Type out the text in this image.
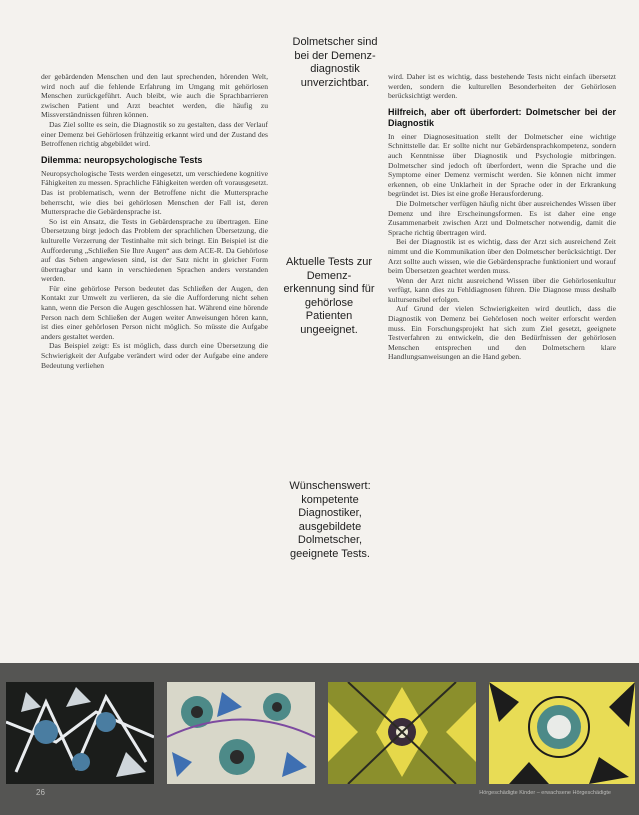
der gebärdenden Menschen und den laut sprechenden, hörenden Welt, wird noch auf die fehlende Erfahrung im Umgang mit gehörlosen Menschen zurückgeführt. Auch bleibt, wie auch die Sprachbarrieren zwischen Patient und Arzt beachtet werden, die häufig zu Missverständnissen führen können.

Das Ziel sollte es sein, die Diagnostik so zu gestalten, dass der Verlauf einer Demenz bei Gehörlosen frühzeitig erkannt wird und der Zustand des Betroffenen richtig abgebildet wird.

Dilemma: neuropsychologische Tests

Neuropsychologische Tests werden eingesetzt, um verschiedene kognitive Fähigkeiten zu messen. Sprachliche Fähigkeiten werden oft vorausgesetzt. Das ist problematisch, wenn der Betroffene nicht die Muttersprache beherrscht, wie dies bei gehörlosen Menschen der Fall ist, deren Muttersprache die Gebärdensprache ist.

So ist ein Ansatz, die Tests in Gebärdensprache zu übertragen. Eine Übersetzung birgt jedoch das Problem der sprachlichen Übersetzung, die kulturelle Verzerrung der Testinhalte mit sich bringt. Ein Beispiel ist die Aufforderung „Schließen Sie Ihre Augen“ aus dem ACE-R. Da Gehörlose auf das Sehen angewiesen sind, ist der Satz nicht in gleicher Form übertragbar und kann in verschiedenen Sprachen anders verstanden werden.

Für eine gehörlose Person bedeutet das Schließen der Augen, den Kontakt zur Umwelt zu verlieren, da sie die Aufforderung nicht sehen kann, wenn die Person die Augen geschlossen hat. Während eine hörende Person nach dem Schließen der Augen weiter Anweisungen hören kann, ist dies einer gehörlosen Person nicht möglich. So müsste die Aufgabe anders gestaltet werden.

Das Beispiel zeigt: Es ist möglich, dass durch eine Übersetzung die Schwierigkeit der Aufgabe verändert wird oder der Aufgabe eine andere Bedeutung verliehen

Dolmetscher sind bei der Demenz-diagnostik unverzichtbar.
Aktuelle Tests zur Demenz-erkennung sind für gehörlose Patienten ungeeignet.
Wünschenswert: kompetente Diagnostiker, ausgebildete Dolmetscher, geeignete Tests.

wird. Daher ist es wichtig, dass bestehende Tests nicht einfach übersetzt werden, sondern die kulturellen Besonderheiten der Gehörlosen berücksichtigt werden.

Hilfreich, aber oft überfordert: Dolmetscher bei der Diagnostik

In einer Diagnosesituation stellt der Dolmetscher eine wichtige Schnittstelle dar. Er sollte nicht nur Gebärdensprachkompetenz, sondern auch Kenntnisse über Diagnostik und Psychologie mitbringen. Dolmetscher sind jedoch oft überfordert, wenn die Sprache und die Symptome einer Demenz vermischt werden. Sie können nicht immer erkennen, ob eine Unklarheit in der Sprache oder in der Erkrankung begründet ist. Dies ist eine große Herausforderung.

Die Dolmetscher verfügen häufig nicht über ausreichendes Wissen über Demenz und ihre Erscheinungsformen. Es ist daher eine enge Zusammenarbeit zwischen Arzt und Dolmetscher notwendig, damit die Sprache richtig übertragen wird.

Bei der Diagnostik ist es wichtig, dass der Arzt sich ausreichend Zeit nimmt und die Kommunikation über den Dolmetscher berücksichtigt. Der Arzt sollte auch wissen, wie die Gebärdensprache funktioniert und worauf beim Übersetzen geachtet werden muss.

Wenn der Arzt nicht ausreichend Wissen über die Gehörlosenkultur verfügt, kann dies zu Fehldiagnosen führen. Die Diagnose muss deshalb kultursensibel erfolgen.

Auf Grund der vielen Schwierigkeiten wird deutlich, dass die Diagnostik von Demenz bei Gehörlosen noch weiter erforscht werden muss. Ein Forschungsprojekt hat sich zum Ziel gesetzt, geeignete Testverfahren zu entwickeln, die den Bedürfnissen der gehörlosen Menschen entsprechen und den Dolmetschern klare Handlungsanweisungen an die Hand geben.

26	Hörgeschädigte Kinder – erwachsene Hörgeschädigte
